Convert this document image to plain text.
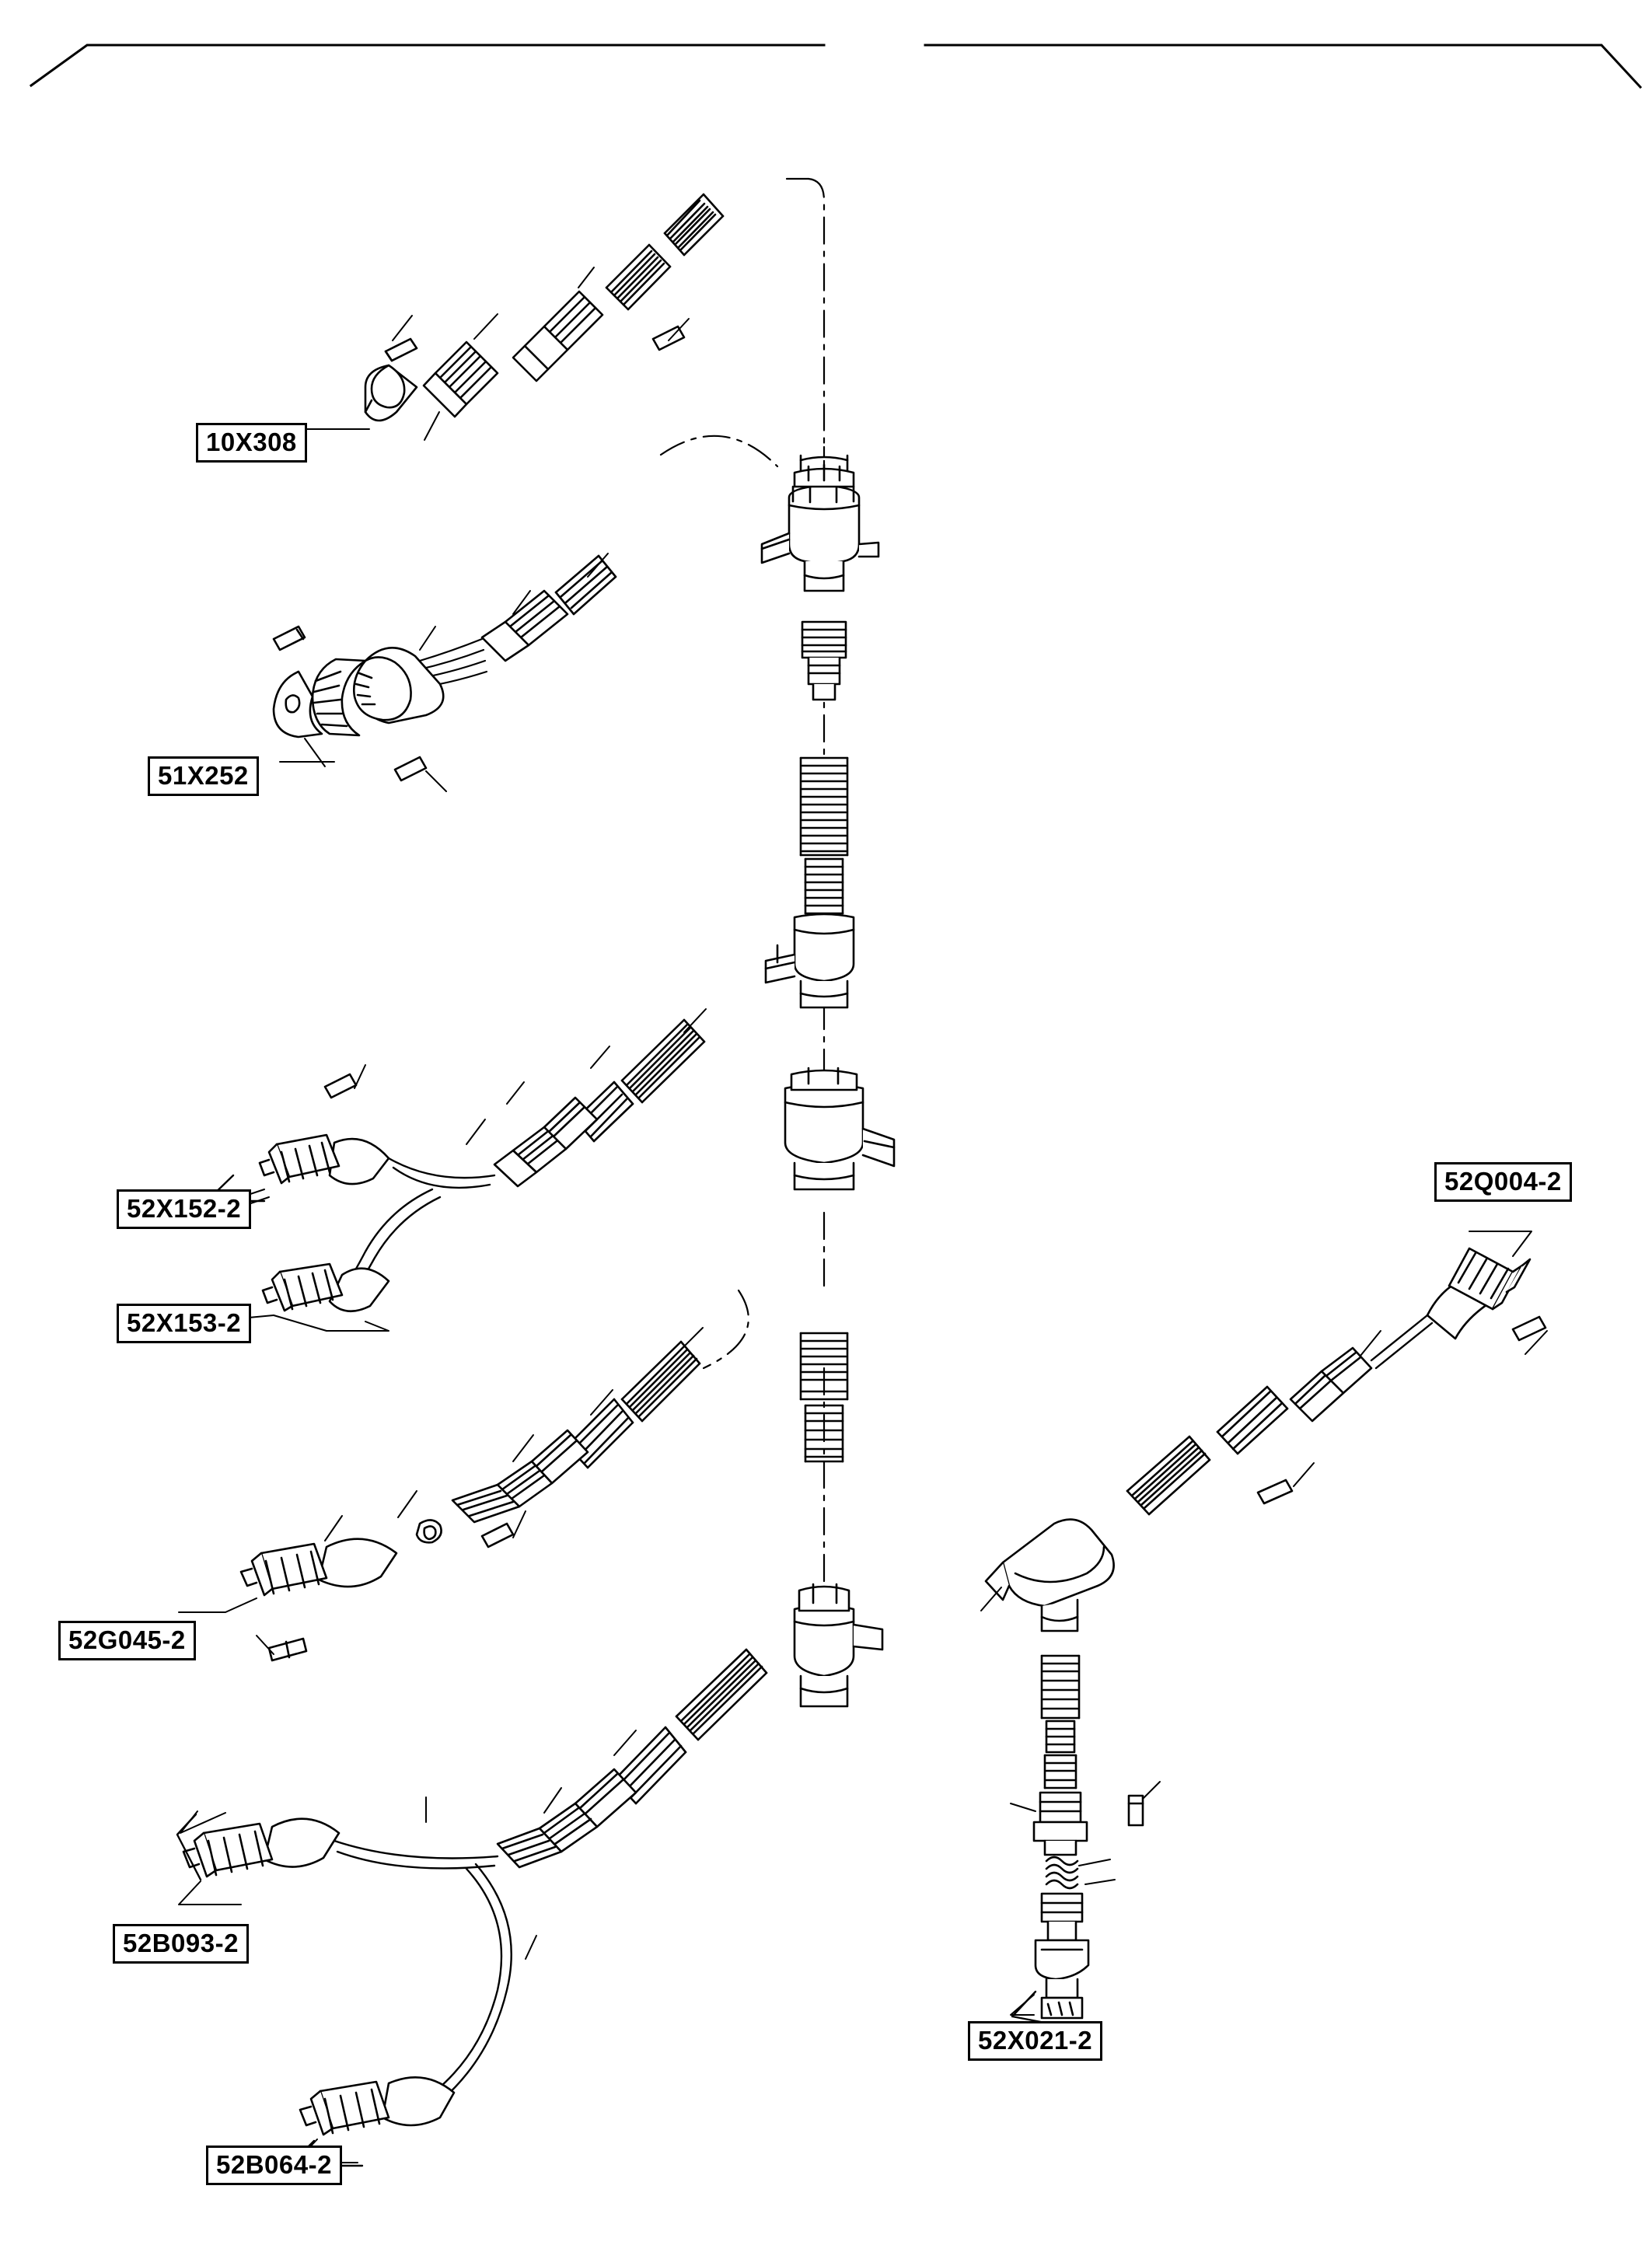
10X308
51X252
52X152-2
52X153-2
52G045-2
52B093-2
52B064-2
52Q004-2
52X021-2
